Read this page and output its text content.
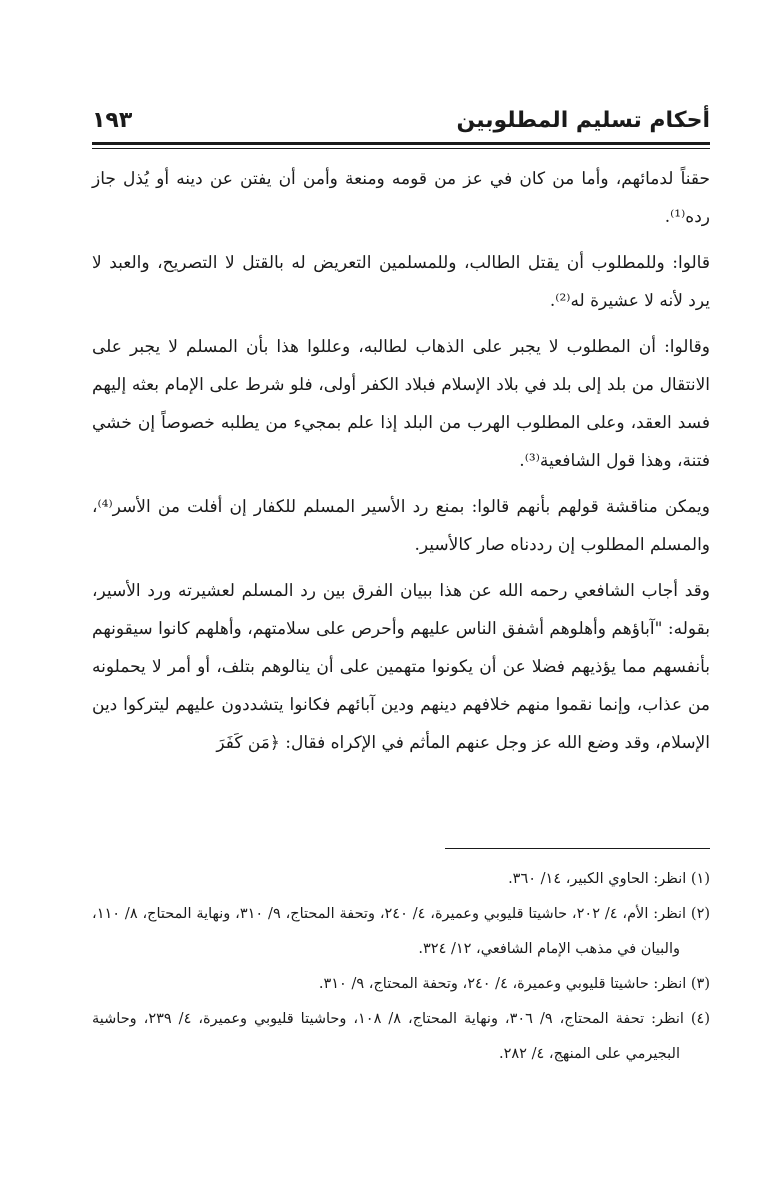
أحكام تسليم المطلوبين
١٩٣

حقناً لدمائهم، وأما من كان في عز من قومه ومنعة وأمن أن يفتن عن دينه أو يُذل جاز رده⁽¹⁾.

قالوا: وللمطلوب أن يقتل الطالب، وللمسلمين التعريض له بالقتل لا التصريح، والعبد لا يرد لأنه لا عشيرة له⁽²⁾.

وقالوا: أن المطلوب لا يجبر على الذهاب لطالبه، وعللوا هذا بأن المسلم لا يجبر على الانتقال من بلد إلى بلد في بلاد الإسلام فبلاد الكفر أولى، فلو شرط على الإمام بعثه إليهم فسد العقد، وعلى المطلوب الهرب من البلد إذا علم بمجيء من يطلبه خصوصاً إن خشي فتنة، وهذا قول الشافعية⁽³⁾.

ويمكن مناقشة قولهم بأنهم قالوا: بمنع رد الأسير المسلم للكفار إن أفلت من الأسر⁽⁴⁾، والمسلم المطلوب إن رددناه صار كالأسير.

وقد أجاب الشافعي رحمه الله عن هذا ببيان الفرق بين رد المسلم لعشيرته ورد الأسير، بقوله: "آباؤهم وأهلوهم أشفق الناس عليهم وأحرص على سلامتهم، وأهلهم كانوا سيقونهم بأنفسهم مما يؤذيهم فضلا عن أن يكونوا متهمين على أن ينالوهم بتلف، أو أمر لا يحملونه من عذاب، وإنما نقموا منهم خلافهم دينهم ودين آبائهم فكانوا يتشددون عليهم ليتركوا دين الإسلام، وقد وضع الله عز وجل عنهم المأثم في الإكراه فقال: ﴿مَن كَفَرَ

(١) انظر: الحاوي الكبير، ١٤/ ٣٦٠.

(٢) انظر: الأم، ٤/ ٢٠٢، حاشيتا قليوبي وعميرة، ٤/ ٢٤٠، وتحفة المحتاج، ٩/ ٣١٠، ونهاية المحتاج، ٨/ ١١٠، والبيان في مذهب الإمام الشافعي، ١٢/ ٣٢٤.

(٣) انظر: حاشيتا قليوبي وعميرة، ٤/ ٢٤٠، وتحفة المحتاج، ٩/ ٣١٠.

(٤) انظر: تحفة المحتاج، ٩/ ٣٠٦، ونهاية المحتاج، ٨/ ١٠٨، وحاشيتا قليوبي وعميرة، ٤/ ٢٣٩، وحاشية البجيرمي على المنهج، ٤/ ٢٨٢.
